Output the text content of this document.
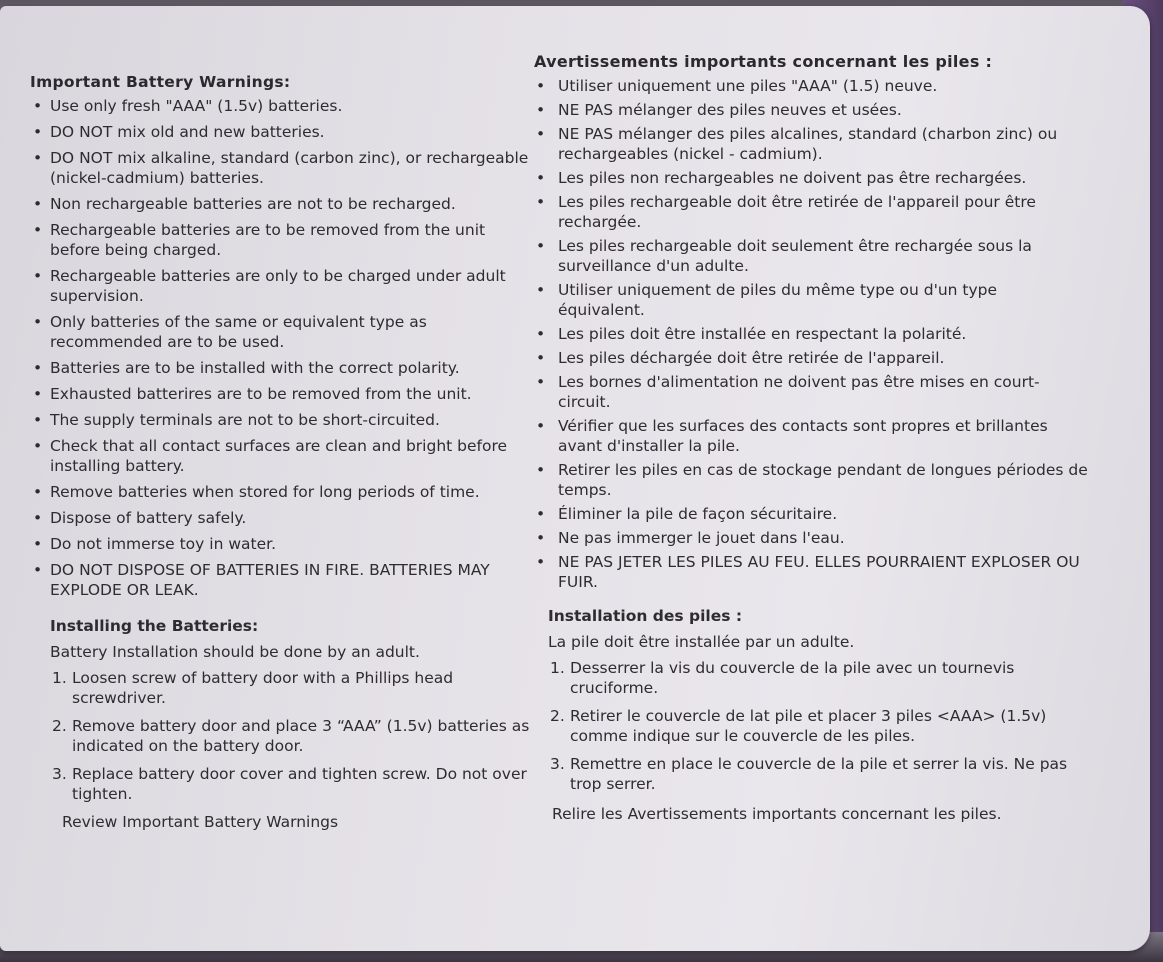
Important Battery Warnings:
• Use only fresh "AAA" (1.5v) batteries.
• DO NOT mix old and new batteries.
• DO NOT mix alkaline, standard (carbon zinc), or rechargeable (nickel-cadmium) batteries.
• Non rechargeable batteries are not to be recharged.
• Rechargeable batteries are to be removed from the unit before being charged.
• Rechargeable batteries are only to be charged under adult supervision.
• Only batteries of the same or equivalent type as recommended are to be used.
• Batteries are to be installed with the correct polarity.
• Exhausted batterires are to be removed from the unit.
• The supply terminals are not to be short-circuited.
• Check that all contact surfaces are clean and bright before installing battery.
• Remove batteries when stored for long periods of time.
• Dispose of battery safely.
• Do not immerse toy in water.
• DO NOT DISPOSE OF BATTERIES IN FIRE. BATTERIES MAY EXPLODE OR LEAK.
Installing the Batteries:
Battery Installation should be done by an adult.
1. Loosen screw of battery door with a Phillips head screwdriver.
2. Remove battery door and place 3 “AAA” (1.5v) batteries as indicated on the battery door.
3. Replace battery door cover and tighten screw. Do not over tighten.
Review Important Battery Warnings
Avertissements importants concernant les piles :
• Utiliser uniquement une piles "AAA" (1.5) neuve.
• NE PAS mélanger des piles neuves et usées.
• NE PAS mélanger des piles alcalines, standard (charbon zinc) ou rechargeables (nickel - cadmium).
• Les piles non rechargeables ne doivent pas être rechargées.
• Les piles rechargeable doit être retirée de l'appareil pour être rechargée.
• Les piles rechargeable doit seulement être rechargée sous la surveillance d'un adulte.
• Utiliser uniquement de piles du même type ou d'un type équivalent.
• Les piles doit être installée en respectant la polarité.
• Les piles déchargée doit être retirée de l'appareil.
• Les bornes d'alimentation ne doivent pas être mises en court-circuit.
• Vérifier que les surfaces des contacts sont propres et brillantes avant d'installer la pile.
• Retirer les piles en cas de stockage pendant de longues périodes de temps.
• Éliminer la pile de façon sécuritaire.
• Ne pas immerger le jouet dans l'eau.
• NE PAS JETER LES PILES AU FEU. ELLES POURRAIENT EXPLOSER OU FUIR.
Installation des piles :
La pile doit être installée par un adulte.
1. Desserrer la vis du couvercle de la pile avec un tournevis cruciforme.
2. Retirer le couvercle de lat pile et placer 3 piles <AAA> (1.5v) comme indique sur le couvercle de les piles.
3. Remettre en place le couvercle de la pile et serrer la vis. Ne pas trop serrer.
Relire les Avertissements importants concernant les piles.
